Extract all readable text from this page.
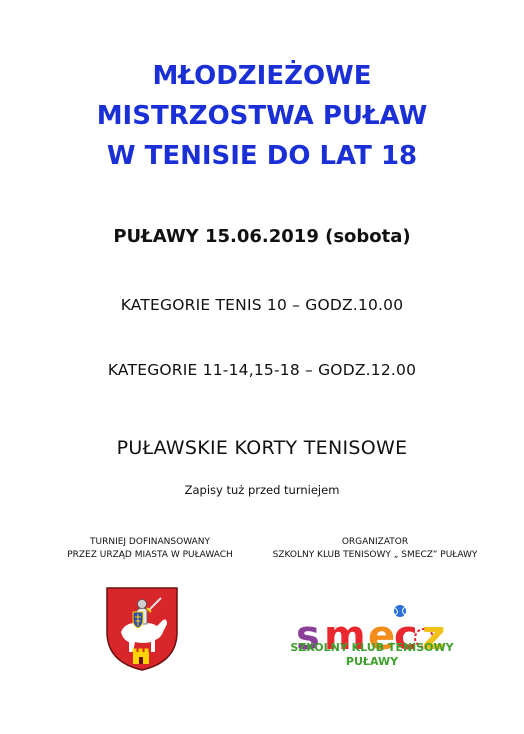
MŁODZIEŻOWE
MISTRZOSTWA PUŁAW
W TENISIE DO LAT 18
PUŁAWY 15.06.2019 (sobota)
KATEGORIE TENIS 10 – GODZ.10.00
KATEGORIE 11-14,15-18 – GODZ.12.00
PUŁAWSKIE KORTY TENISOWE
Zapisy tuż przed turniejem
TURNIEJ DOFINANSOWANY
PRZEZ URZĄD MIASTA W PUŁAWACH
ORGANIZATOR
SZKOLNY KLUB TENISOWY „ SMECZ” PUŁAWY
s m e
c z
SZKOLNY KLUB TENISOWY
PUŁAWY
